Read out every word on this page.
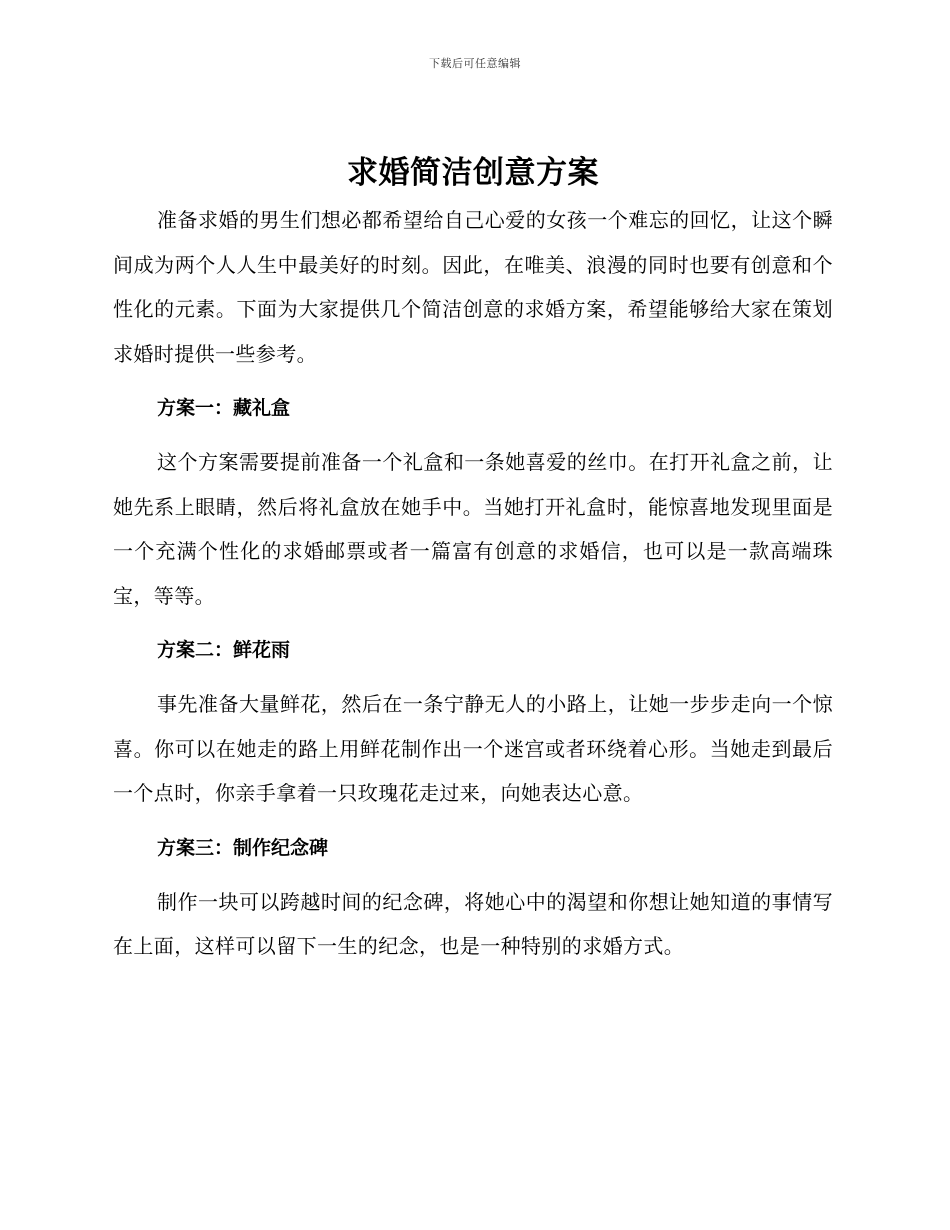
下载后可任意编辑
求婚简洁创意方案

准备求婚的男生们想必都希望给自己心爱的女孩一个难忘的回忆，让这个瞬间成为两个人人生中最美好的时刻。因此，在唯美、浪漫的同时也要有创意和个性化的元素。下面为大家提供几个简洁创意的求婚方案，希望能够给大家在策划求婚时提供一些参考。

方案一：藏礼盒

这个方案需要提前准备一个礼盒和一条她喜爱的丝巾。在打开礼盒之前，让她先系上眼睛，然后将礼盒放在她手中。当她打开礼盒时，能惊喜地发现里面是一个充满个性化的求婚邮票或者一篇富有创意的求婚信，也可以是一款高端珠宝，等等。

方案二：鲜花雨

事先准备大量鲜花，然后在一条宁静无人的小路上，让她一步步走向一个惊喜。你可以在她走的路上用鲜花制作出一个迷宫或者环绕着心形。当她走到最后一个点时，你亲手拿着一只玫瑰花走过来，向她表达心意。

方案三：制作纪念碑

制作一块可以跨越时间的纪念碑，将她心中的渴望和你想让她知道的事情写在上面，这样可以留下一生的纪念，也是一种特别的求婚方式。
